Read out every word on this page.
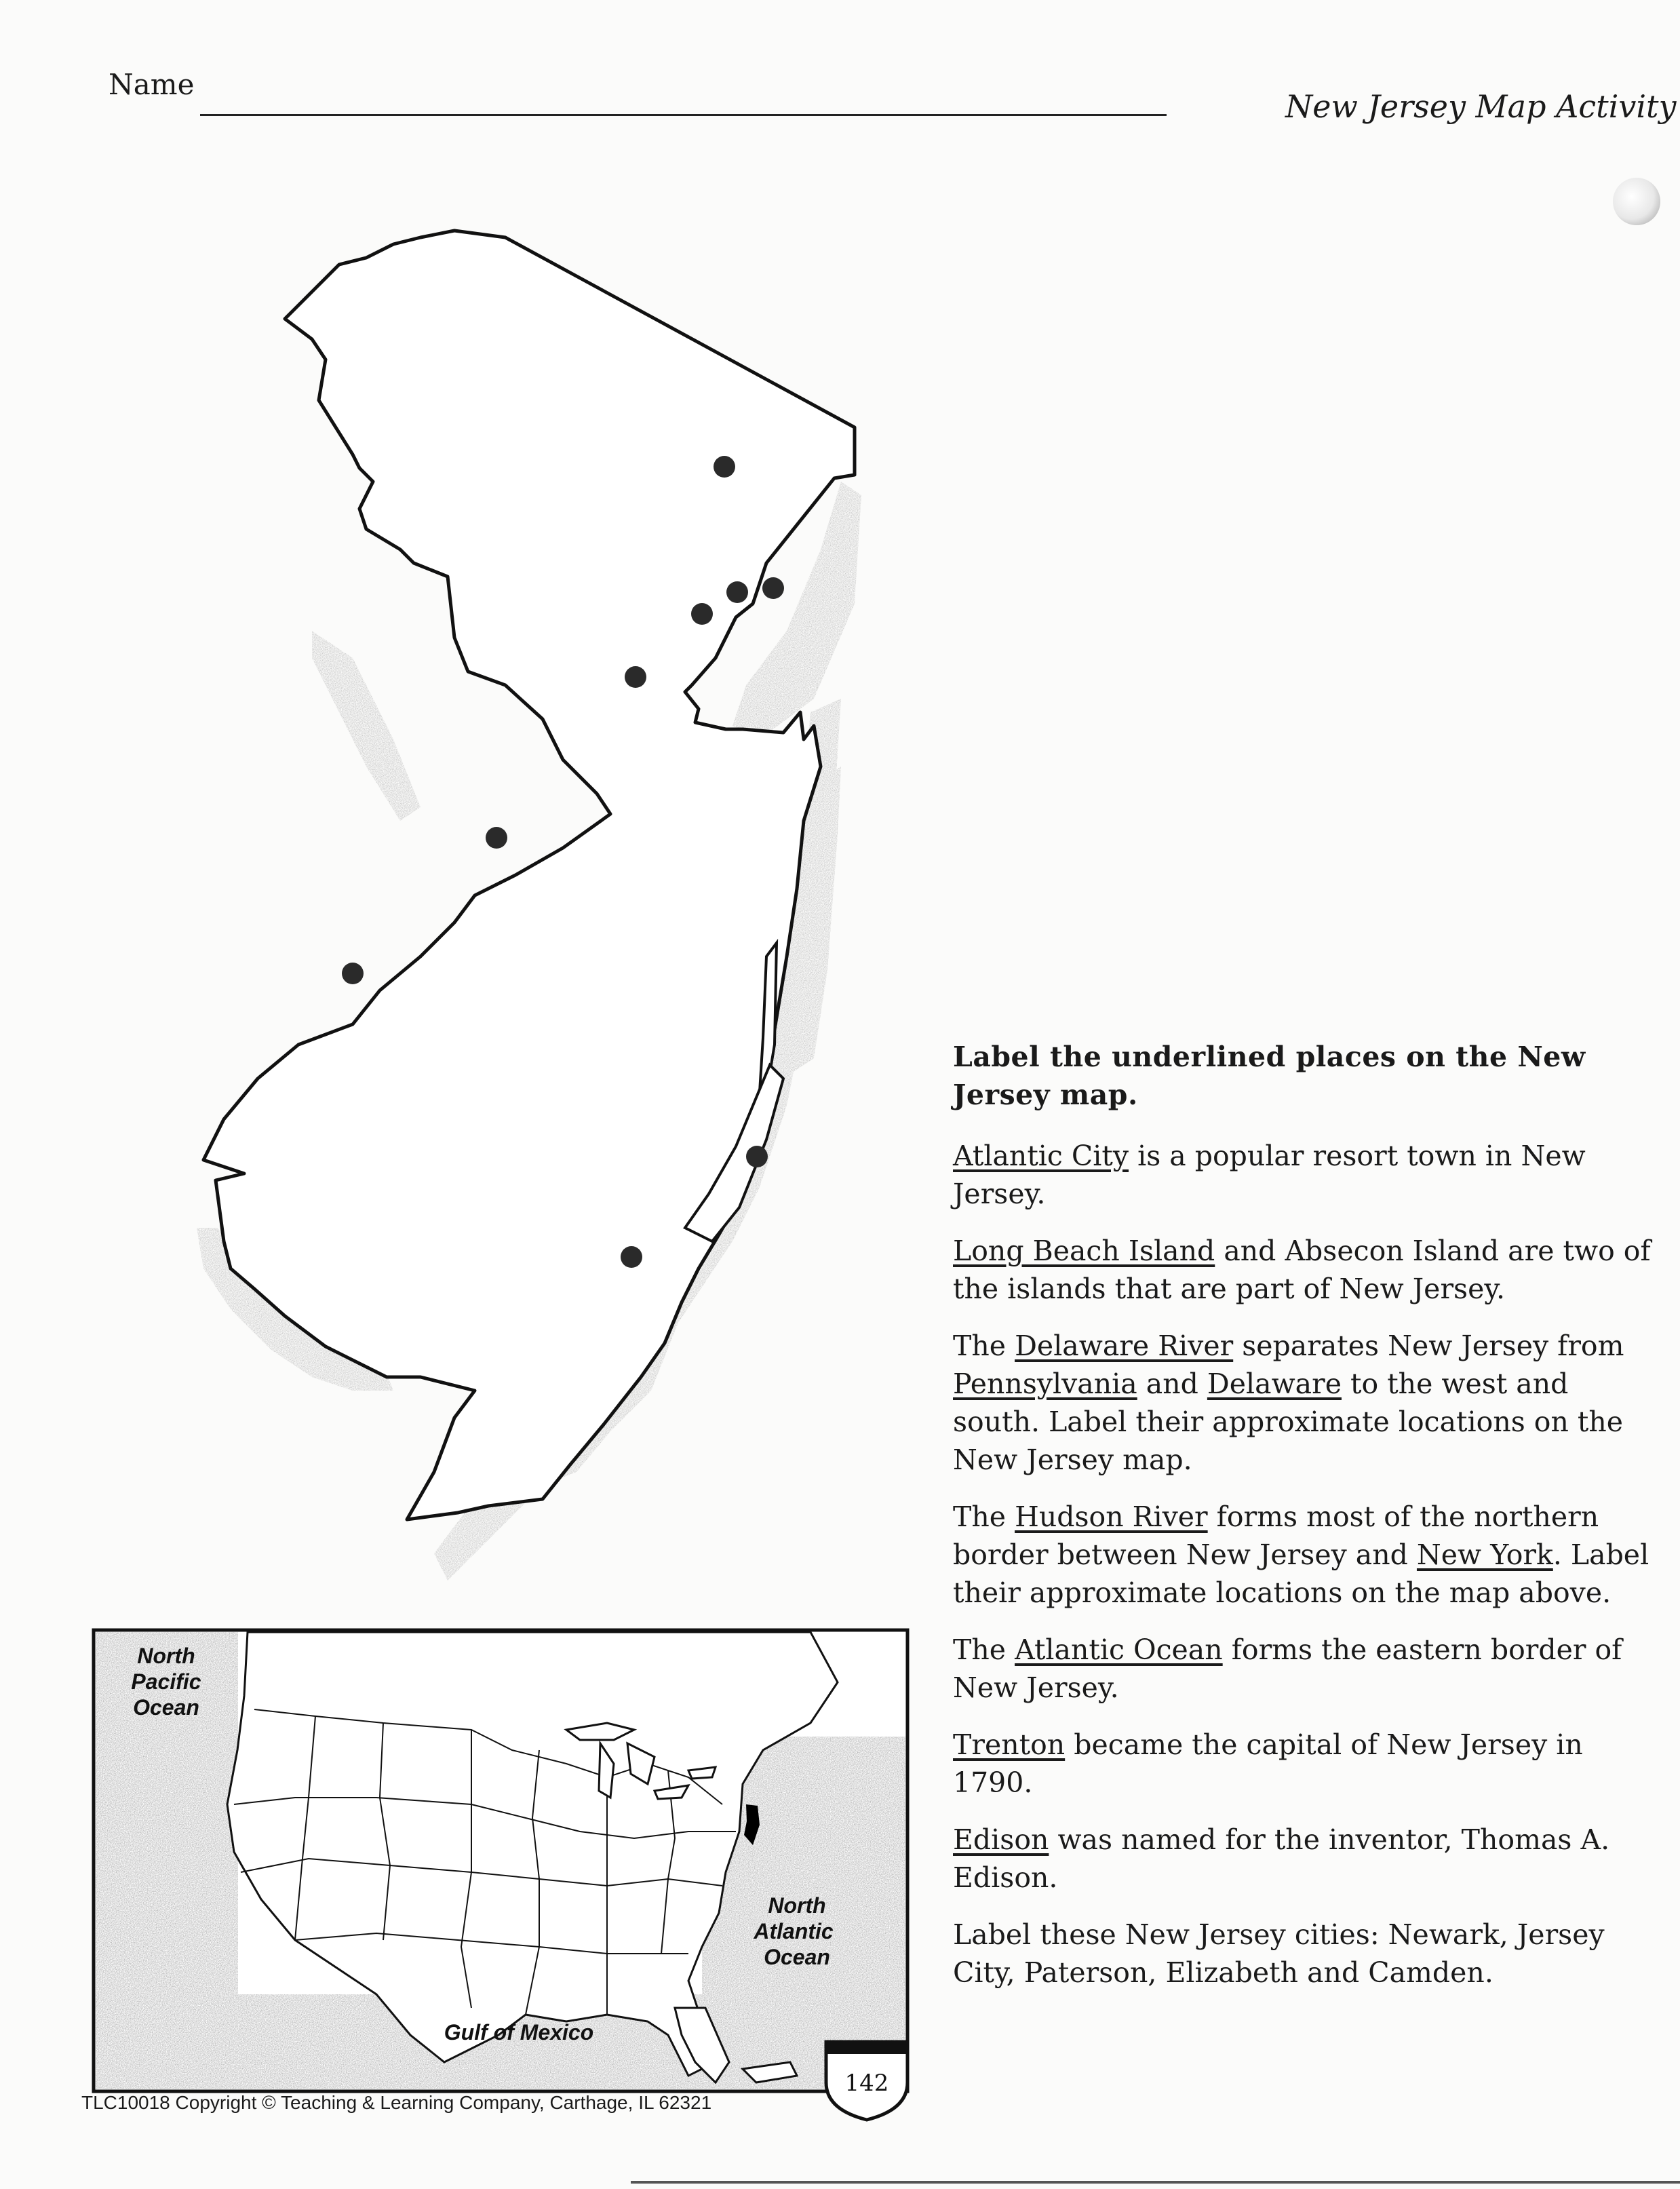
Name
New Jersey Map Activity
North
Pacific
Ocean
North
Atlantic
Ocean
Gulf of Mexico

Label the underlined places on the New Jersey map.

Atlantic City is a popular resort town in New Jersey.

Long Beach Island and Absecon Island are two of the islands that are part of New Jersey.

The Delaware River separates New Jersey from Pennsylvania and Delaware to the west and south. Label their approximate locations on the New Jersey map.

The Hudson River forms most of the northern border between New Jersey and New York. Label their approximate locations on the map above.

The Atlantic Ocean forms the eastern border of New Jersey.

Trenton became the capital of New Jersey in 1790.

Edison was named for the inventor, Thomas A. Edison.

Label these New Jersey cities: Newark, Jersey City, Paterson, Elizabeth and Camden.

TLC10018 Copyright © Teaching & Learning Company, Carthage, IL 62321
142
